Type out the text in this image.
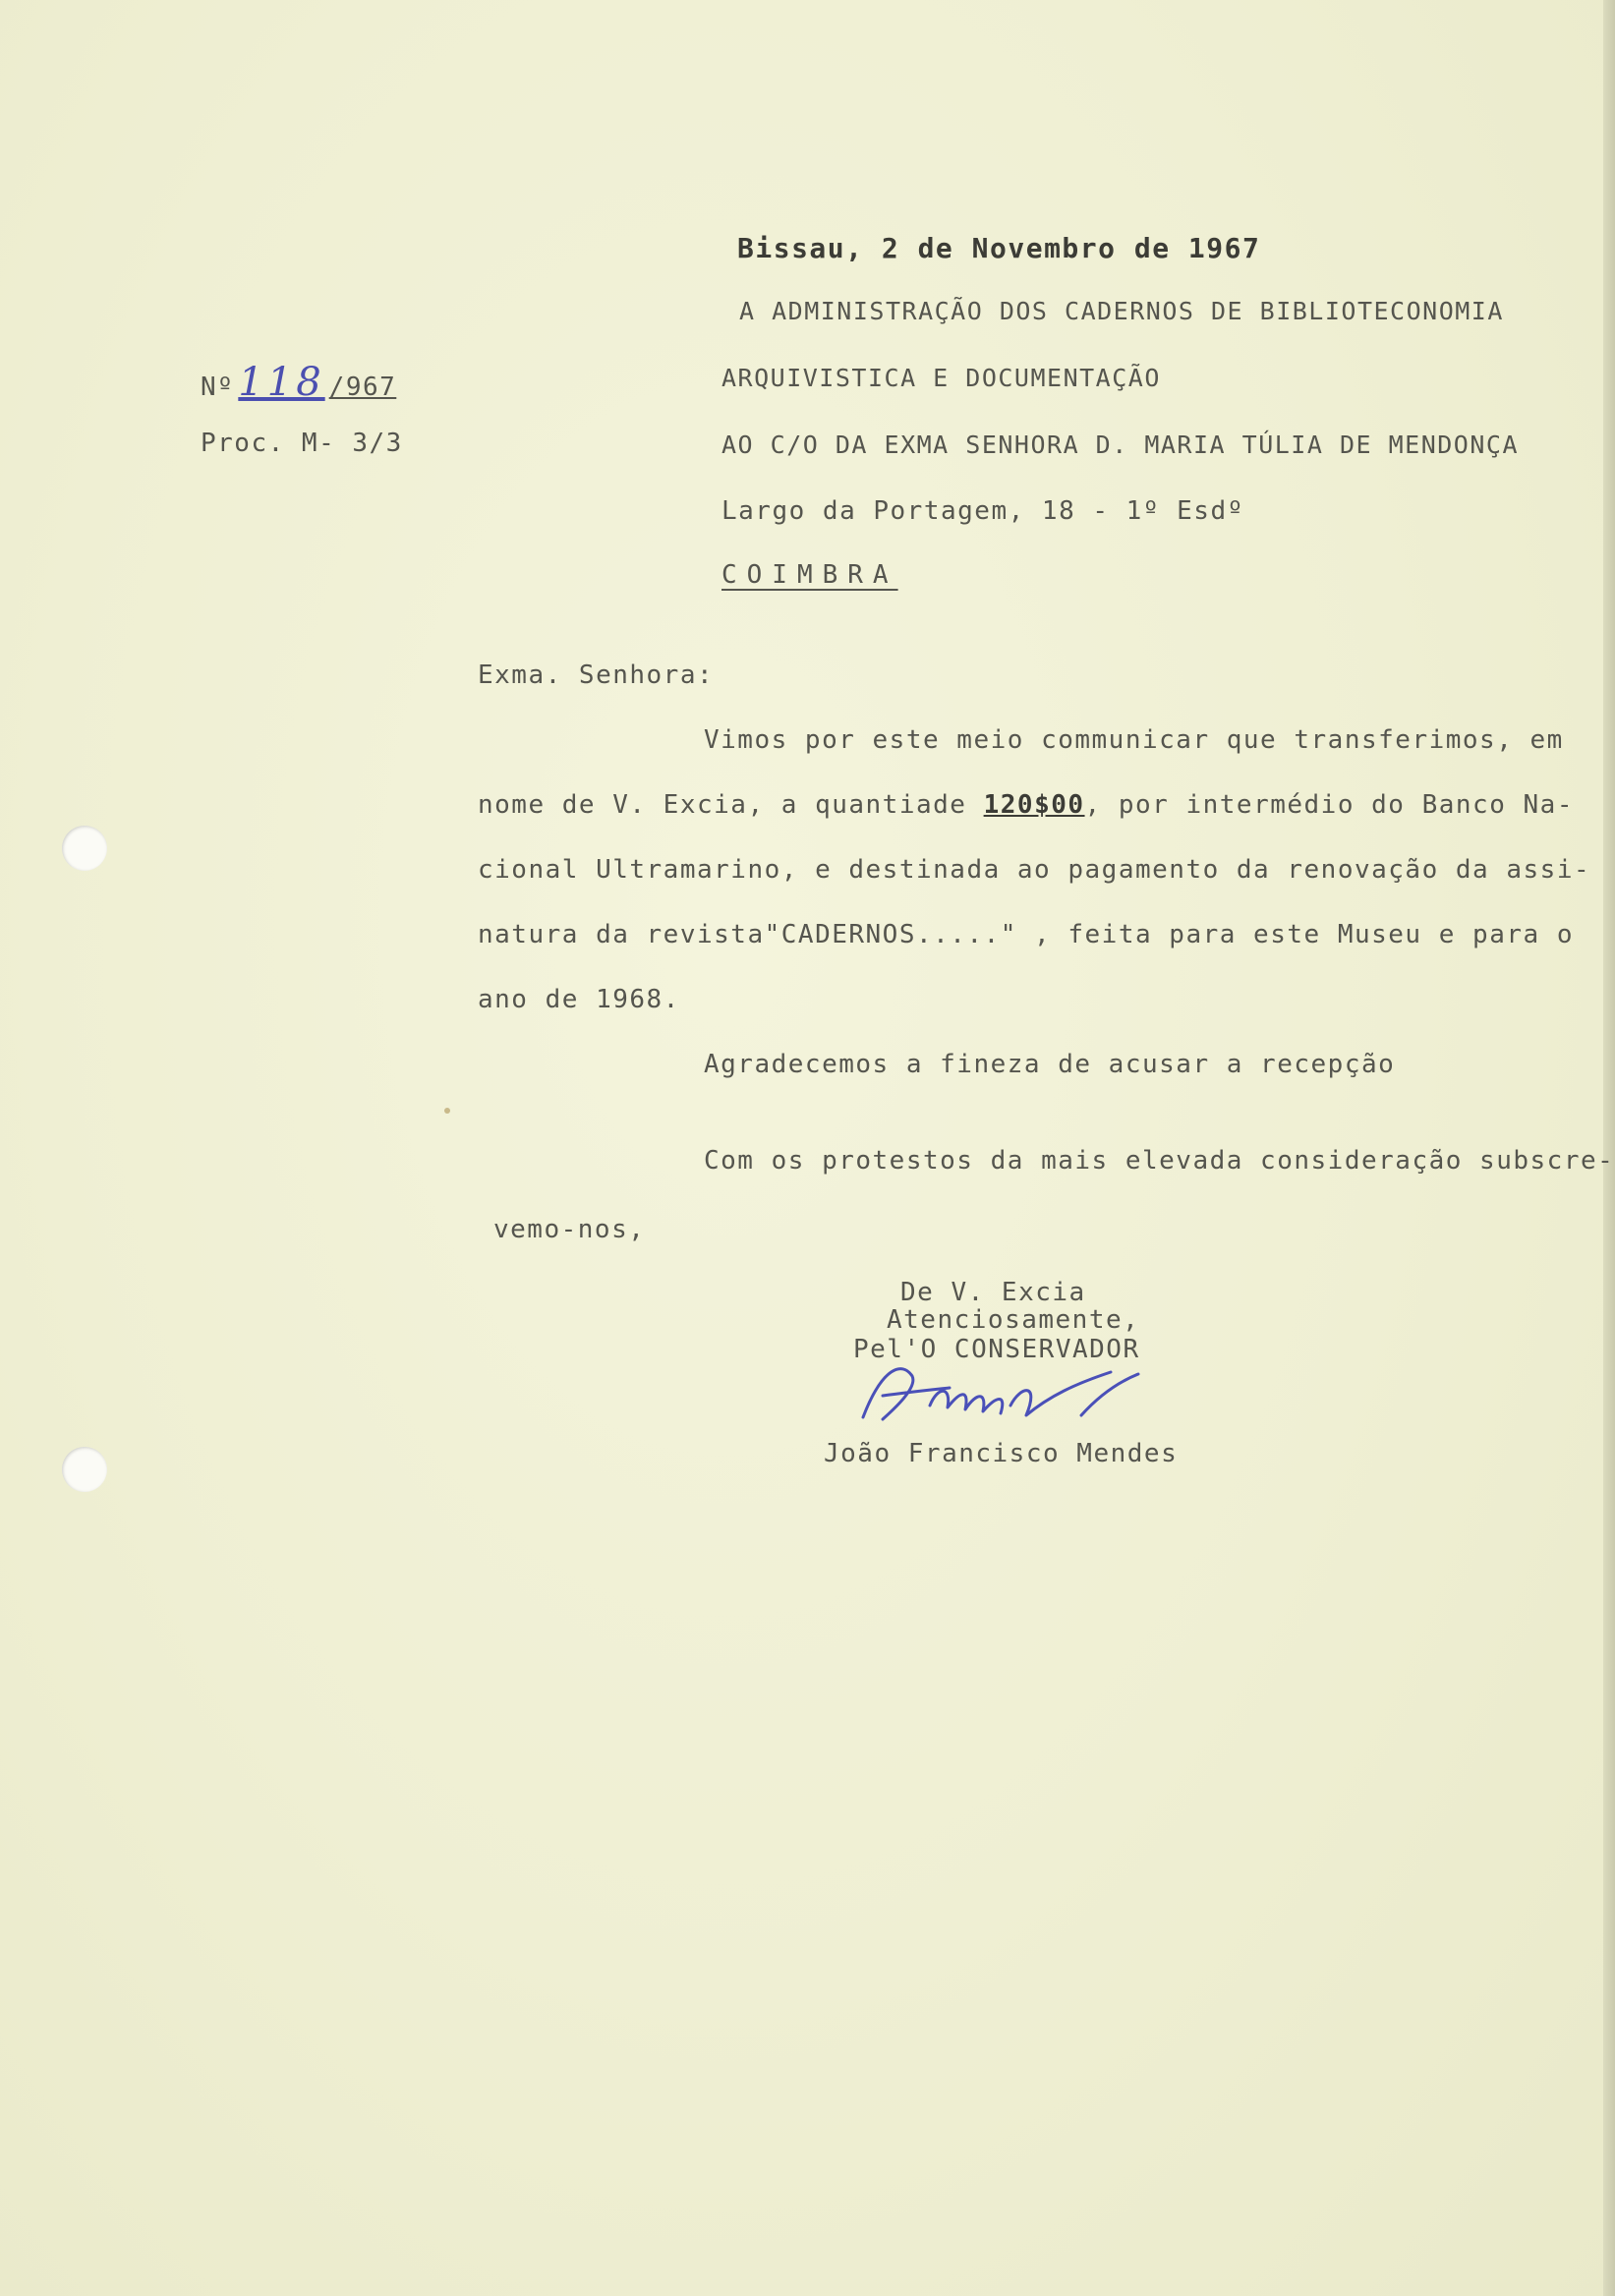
Bissau, 2 de Novembro de 1967
Nº 118 /967
Proc. M- 3/3
A ADMINISTRAÇÃO DOS CADERNOS DE BIBLIOTECONOMIA
ARQUIVISTICA E DOCUMENTAÇÃO
AO C/O DA EXMA SENHORA D. MARIA TÚLIA DE MENDONÇA
Largo da Portagem, 18 - 1º Esdº
COIMBRA
Exma. Senhora:
Vimos por este meio communicar que transferimos, em
nome de V. Excia, a quantiade 120$00, por intermédio do Banco Na-
cional Ultramarino, e destinada ao pagamento da renovação da assi-
natura da revista"CADERNOS....." , feita para este Museu e para o
ano de 1968.
Agradecemos a fineza de acusar a recepção
Com os protestos da mais elevada consideração subscre-
vemo-nos,
De V. Excia
Atenciosamente,
Pel'O CONSERVADOR
João Francisco Mendes
